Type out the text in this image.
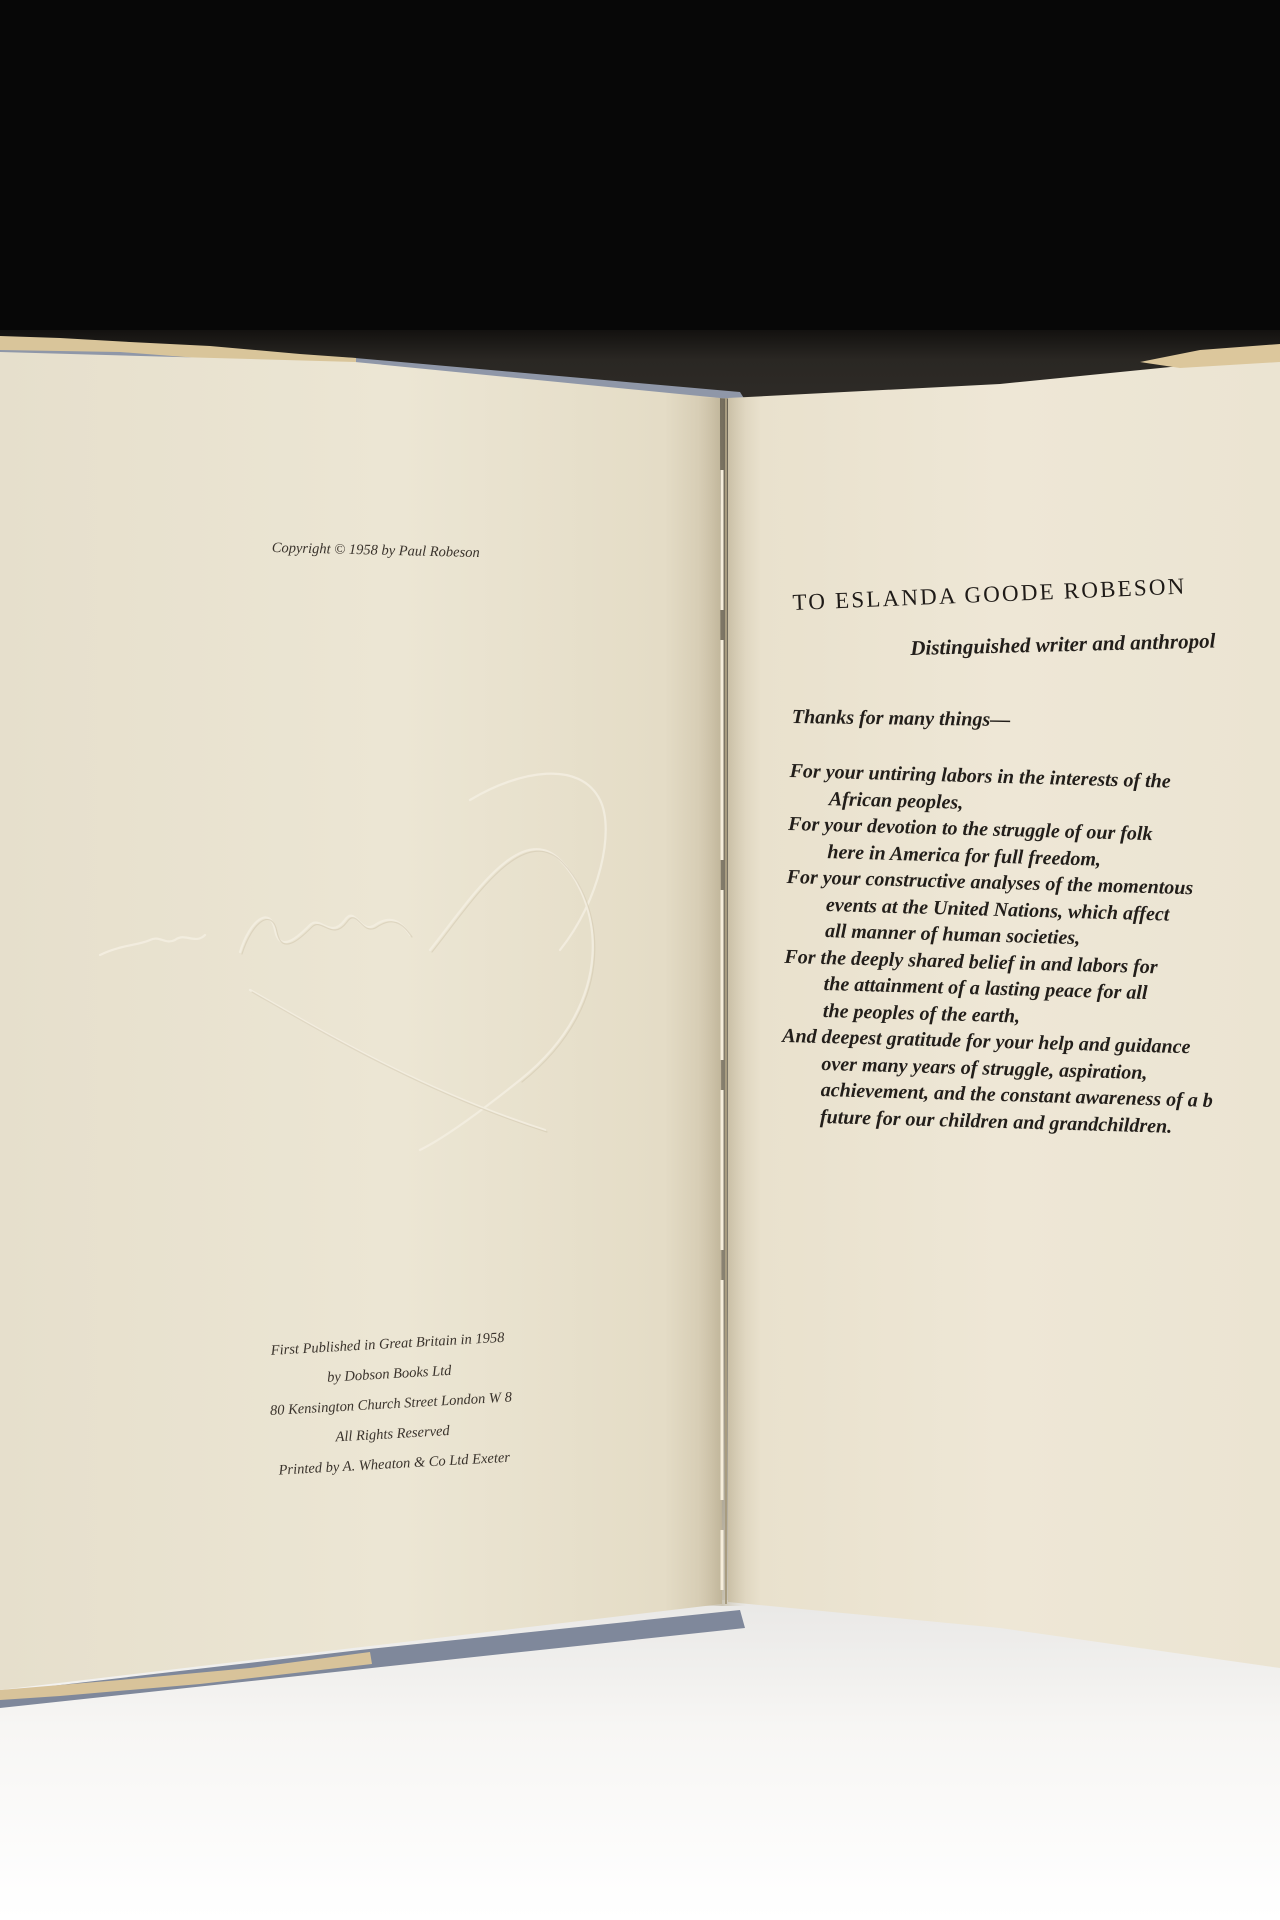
Copyright © 1958 by Paul Robeson
First Published in Great Britain in 1958
by Dobson Books Ltd
80 Kensington Church Street London W 8
All Rights Reserved
Printed by A. Wheaton & Co Ltd Exeter
TO ESLANDA GOODE ROBESON
Distinguished writer and anthropol
Thanks for many things—
For your untiring labors in the interests of the
African peoples,
For your devotion to the struggle of our folk
here in America for full freedom,
For your constructive analyses of the momentous
events at the United Nations, which affect
all manner of human societies,
For the deeply shared belief in and labors for
the attainment of a lasting peace for all
the peoples of the earth,
And deepest gratitude for your help and guidance
over many years of struggle, aspiration,
achievement, and the constant awareness of a b
future for our children and grandchildren.
